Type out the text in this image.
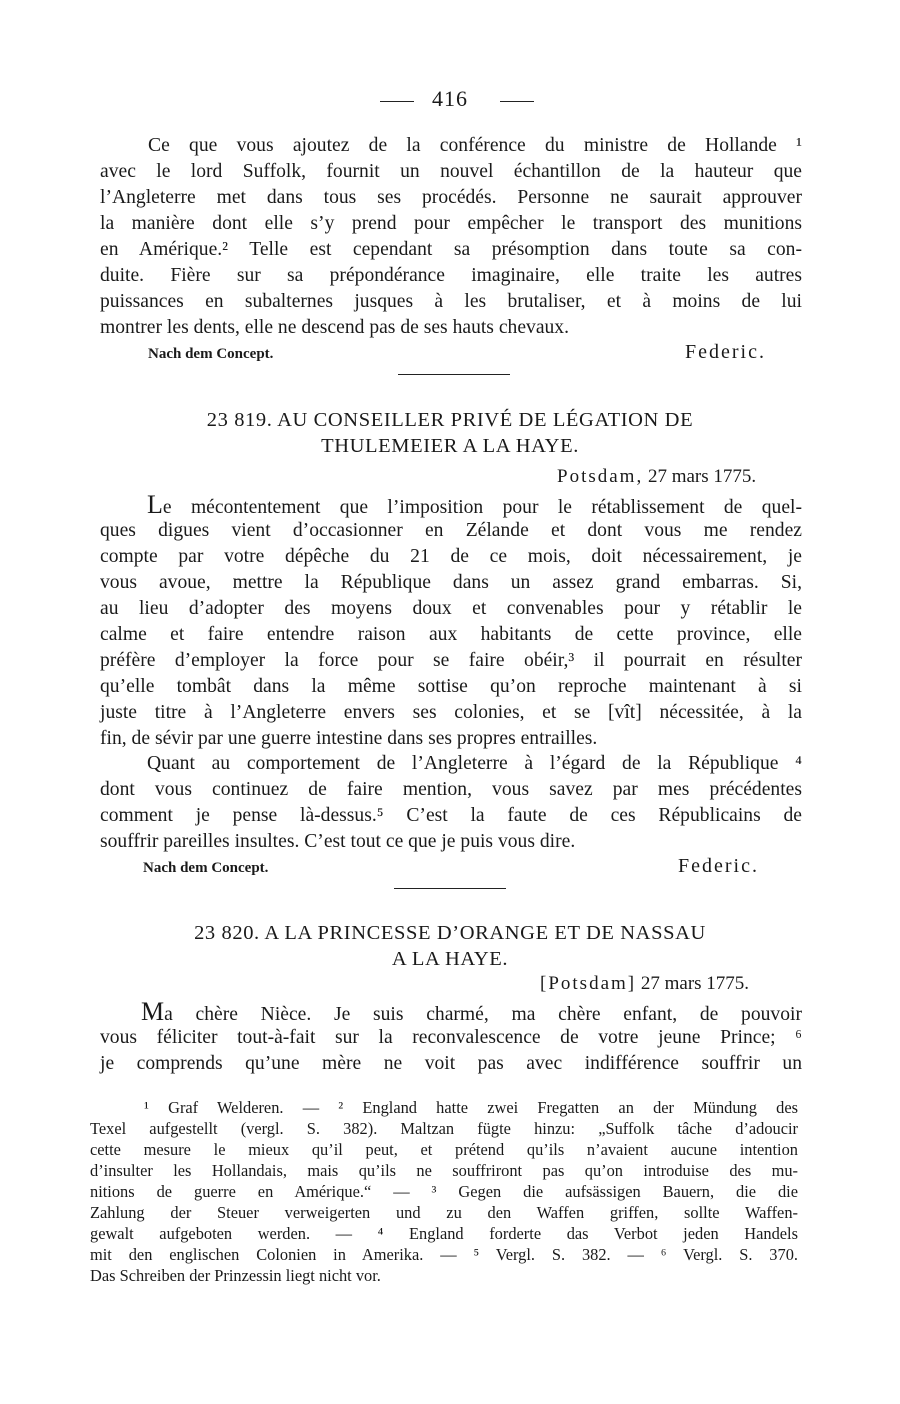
416
Ce que vous ajoutez de la conférence du ministre de Hollande ¹
avec le lord Suffolk, fournit un nouvel échantillon de la hauteur que
l’Angleterre met dans tous ses procédés. Personne ne saurait approuver
la manière dont elle s’y prend pour empêcher le transport des munitions
en Amérique.² Telle est cependant sa présomption dans toute sa con-
duite. Fière sur sa prépondérance imaginaire, elle traite les autres
puissances en subalternes jusques à les brutaliser, et à moins de lui
montrer les dents, elle ne descend pas de ses hauts chevaux.
Nach dem Concept.	Federic.
23 819. AU CONSEILLER PRIVÉ DE LÉGATION DE
THULEMEIER A LA HAYE.
Potsdam, 27 mars 1775.
Le mécontentement que l’imposition pour le rétablissement de quel-
ques digues vient d’occasionner en Zélande et dont vous me rendez
compte par votre dépêche du 21 de ce mois, doit nécessairement, je
vous avoue, mettre la République dans un assez grand embarras. Si,
au lieu d’adopter des moyens doux et convenables pour y rétablir le
calme et faire entendre raison aux habitants de cette province, elle
préfère d’employer la force pour se faire obéir,³ il pourrait en résulter
qu’elle tombât dans la même sottise qu’on reproche maintenant à si
juste titre à l’Angleterre envers ses colonies, et se [vît] nécessitée, à la
fin, de sévir par une guerre intestine dans ses propres entrailles.
Quant au comportement de l’Angleterre à l’égard de la République ⁴
dont vous continuez de faire mention, vous savez par mes précédentes
comment je pense là-dessus.⁵ C’est la faute de ces Républicains de
souffrir pareilles insultes. C’est tout ce que je puis vous dire.
Nach dem Concept.	Federic.
23 820. A LA PRINCESSE D’ORANGE ET DE NASSAU
A LA HAYE.
[Potsdam] 27 mars 1775.
Ma chère Nièce. Je suis charmé, ma chère enfant, de pouvoir
vous féliciter tout-à-fait sur la reconvalescence de votre jeune Prince; ⁶
je comprends qu’une mère ne voit pas avec indifférence souffrir un
¹ Graf Welderen. — ² England hatte zwei Fregatten an der Mündung des
Texel aufgestellt (vergl. S. 382). Maltzan fügte hinzu: „Suffolk tâche d’adoucir
cette mesure le mieux qu’il peut, et prétend qu’ils n’avaient aucune intention
d’insulter les Hollandais, mais qu’ils ne souffriront pas qu’on introduise des mu-
nitions de guerre en Amérique.“ — ³ Gegen die aufsässigen Bauern, die die
Zahlung der Steuer verweigerten und zu den Waffen griffen, sollte Waffen-
gewalt aufgeboten werden. — ⁴ England forderte das Verbot jeden Handels
mit den englischen Colonien in Amerika. — ⁵ Vergl. S. 382. — ⁶ Vergl. S. 370.
Das Schreiben der Prinzessin liegt nicht vor.
